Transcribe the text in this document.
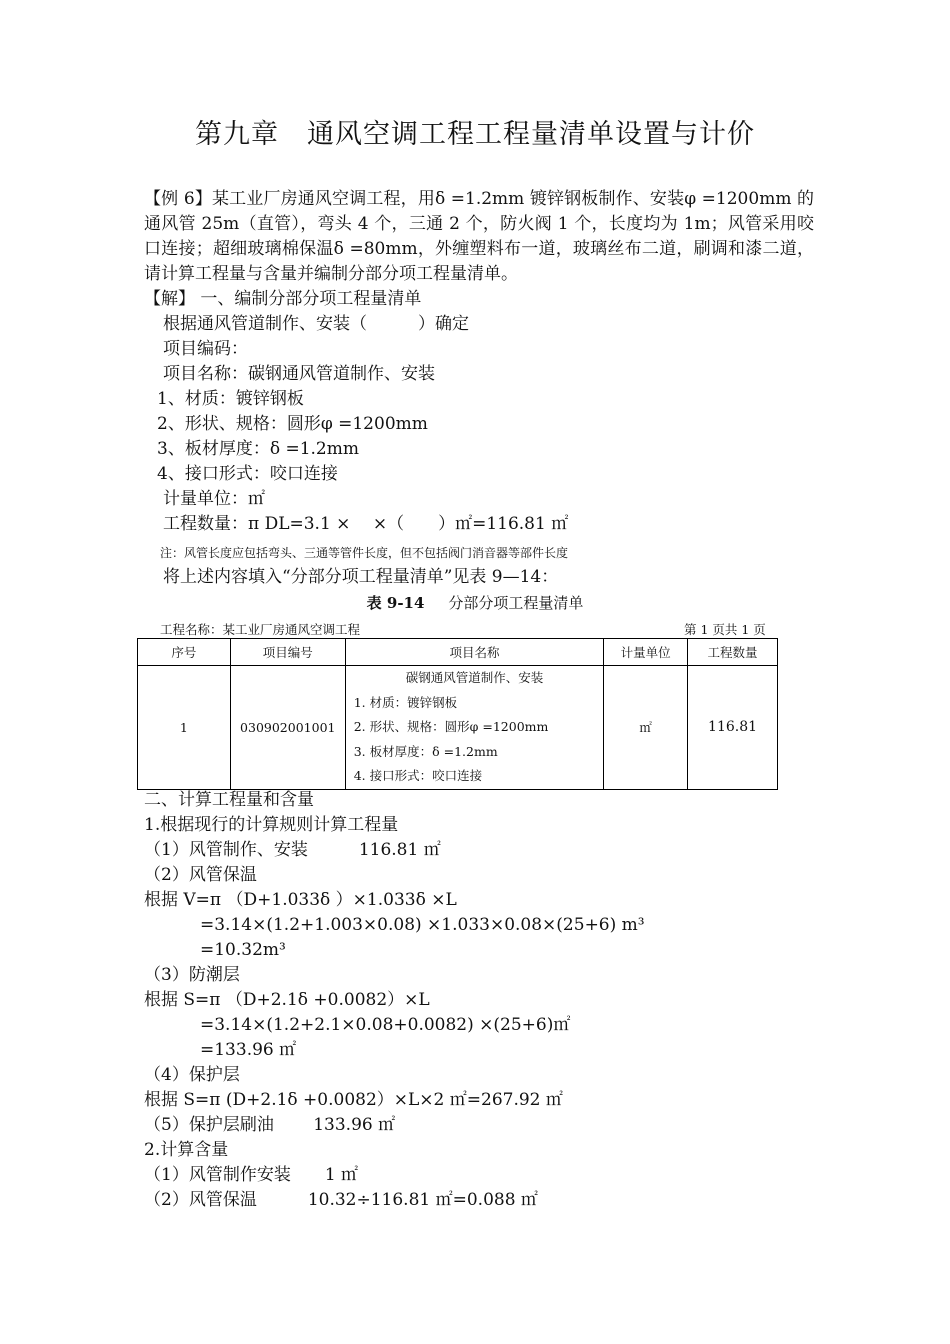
第九章　通风空调工程工程量清单设置与计价
【例 6】某工业厂房通风空调工程，用δ =1.2mm 镀锌钢板制作、安装φ =1200mm 的通风管 25m（直管），弯头 4 个，三通 2 个，防火阀 1 个，长度均为 1m；风管采用咬口连接；超细玻璃棉保温δ =80mm，外缠塑料布一道，玻璃丝布二道，刷调和漆二道，请计算工程量与含量并编制分部分项工程量清单。
【解】 一、编制分部分项工程量清单
根据通风管道制作、安装（　　　）确定
项目编码：
项目名称：碳钢通风管道制作、安装
1、材质：镀锌钢板
2、形状、规格：圆形φ =1200mm
3、板材厚度：δ =1.2mm
4、接口形式：咬口连接
计量单位：㎡
工程数量：π DL=3.1 ×　 ×（　　）㎡=116.81 ㎡
注：风管长度应包括弯头、三通等管件长度，但不包括阀门消音器等部件长度
将上述内容填入“分部分项工程量清单”见表 9—14：
表 9-14 分部分项工程量清单
工程名称：某工业厂房通风空调工程	第 1 页共 1 页
序号	项目编号	项目名称	计量单位	工程数量
1	030902001001	碳钢通风管道制作、安装
1. 材质：镀锌钢板
2. 形状、规格：圆形φ =1200mm
3. 板材厚度：δ =1.2mm
4. 接口形式：咬口连接	㎡	116.81
二、计算工程量和含量
1.根据现行的计算规则计算工程量
（1）风管制作、安装　　　116.81 ㎡
（2）风管保温
根据 V=π （D+1.033δ ）×1.033δ ×L
=3.14×(1.2+1.003×0.08) ×1.033×0.08×(25+6) m³
=10.32m³
（3）防潮层
根据 S=π （D+2.1δ +0.0082）×L
=3.14×(1.2+2.1×0.08+0.0082) ×(25+6)㎡
=133.96 ㎡
（4）保护层
根据 S=π (D+2.1δ +0.0082）×L×2 ㎡=267.92 ㎡
（5）保护层刷油　　 133.96 ㎡
2.计算含量
（1）风管制作安装　　1 ㎡
（2）风管保温　　　10.32÷116.81 ㎡=0.088 ㎡
